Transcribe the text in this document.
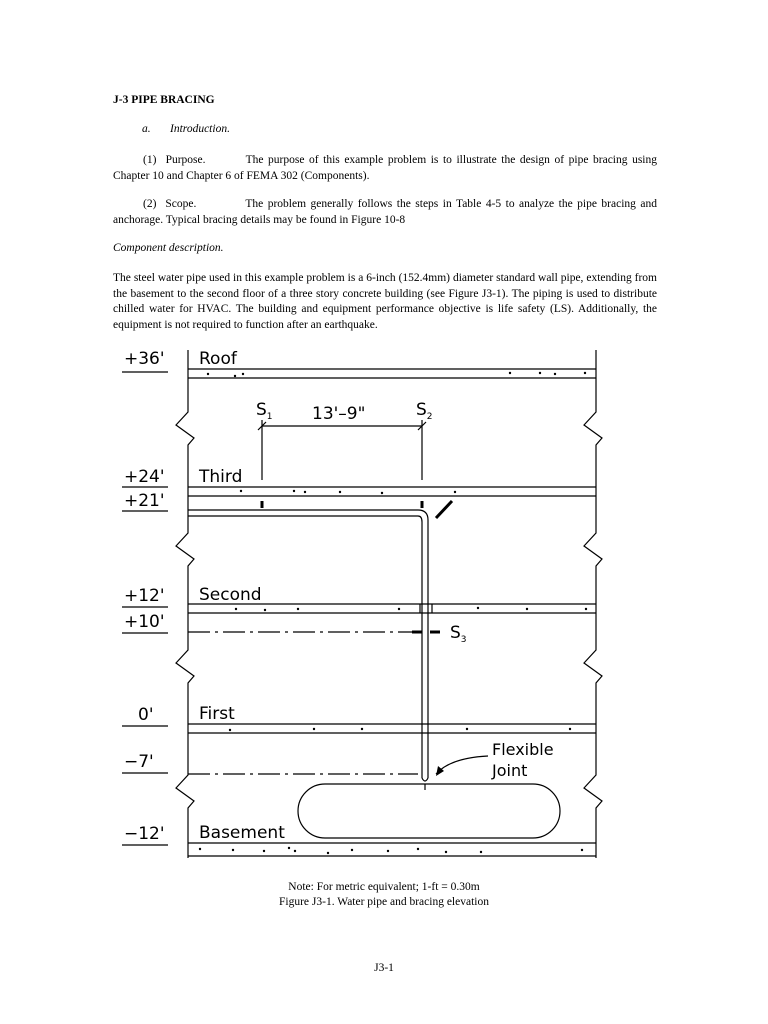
J-3 PIPE BRACING
a. Introduction.

(1) Purpose.	The purpose of this example problem is to illustrate the design of pipe bracing using Chapter 10 and Chapter 6 of FEMA 302 (Components).

(2) Scope.	The problem generally follows the steps in Table 4-5 to analyze the pipe bracing and anchorage. Typical bracing details may be found in Figure 10-8

Component description.

The steel water pipe used in this example problem is a 6-inch (152.4mm) diameter standard wall pipe, extending from the basement to the second floor of a three story concrete building (see Figure J3-1). The piping is used to distribute chilled water for HVAC. The building and equipment performance objective is life safety (LS). Additionally, the equipment is not required to function after an earthquake.

+36'
+24'
+21'
+12'
+10'
0'
−7'
−12'
Roof
Third
Second
First
Basement
13'–9"
$S_1$	$S_2$
$S_3$
Flexible
Joint

Note: For metric equivalent; 1-ft = 0.30m

Figure J3-1. Water pipe and bracing elevation

J3-1
